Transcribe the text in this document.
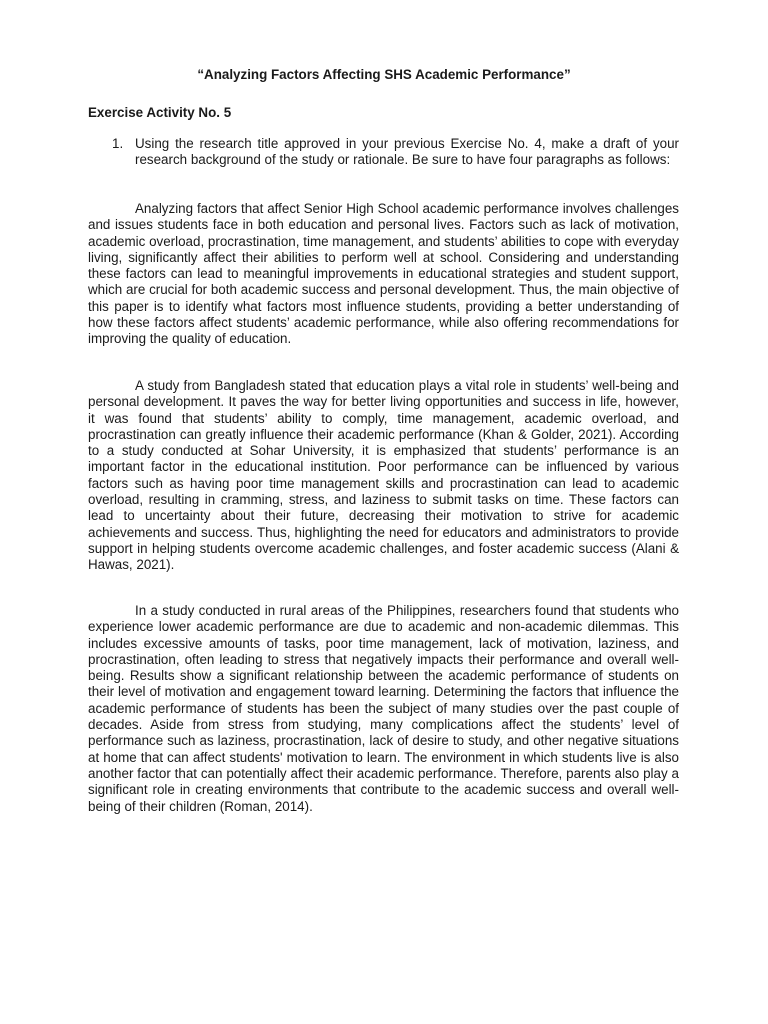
“Analyzing Factors Affecting SHS Academic Performance”
Exercise Activity No. 5
1. Using the research title approved in your previous Exercise No. 4, make a draft of your research background of the study or rationale. Be sure to have four paragraphs as follows:

Analyzing factors that affect Senior High School academic performance involves challenges and issues students face in both education and personal lives. Factors such as lack of motivation, academic overload, procrastination, time management, and students’ abilities to cope with everyday living, significantly affect their abilities to perform well at school. Considering and understanding these factors can lead to meaningful improvements in educational strategies and student support, which are crucial for both academic success and personal development. Thus, the main objective of this paper is to identify what factors most influence students, providing a better understanding of how these factors affect students’ academic performance, while also offering recommendations for improving the quality of education.

A study from Bangladesh stated that education plays a vital role in students’ well-being and personal development. It paves the way for better living opportunities and success in life, however, it was found that students’ ability to comply, time management, academic overload, and procrastination can greatly influence their academic performance (Khan & Golder, 2021). According to a study conducted at Sohar University, it is emphasized that students’ performance is an important factor in the educational institution. Poor performance can be influenced by various factors such as having poor time management skills and procrastination can lead to academic overload, resulting in cramming, stress, and laziness to submit tasks on time. These factors can lead to uncertainty about their future, decreasing their motivation to strive for academic achievements and success. Thus, highlighting the need for educators and administrators to provide support in helping students overcome academic challenges, and foster academic success (Alani & Hawas, 2021).

In a study conducted in rural areas of the Philippines, researchers found that students who experience lower academic performance are due to academic and non-academic dilemmas. This includes excessive amounts of tasks, poor time management, lack of motivation, laziness, and procrastination, often leading to stress that negatively impacts their performance and overall well-being. Results show a significant relationship between the academic performance of students on their level of motivation and engagement toward learning. Determining the factors that influence the academic performance of students has been the subject of many studies over the past couple of decades. Aside from stress from studying, many complications affect the students’ level of performance such as laziness, procrastination, lack of desire to study, and other negative situations at home that can affect students' motivation to learn. The environment in which students live is also another factor that can potentially affect their academic performance. Therefore, parents also play a significant role in creating environments that contribute to the academic success and overall well-being of their children (Roman, 2014).
